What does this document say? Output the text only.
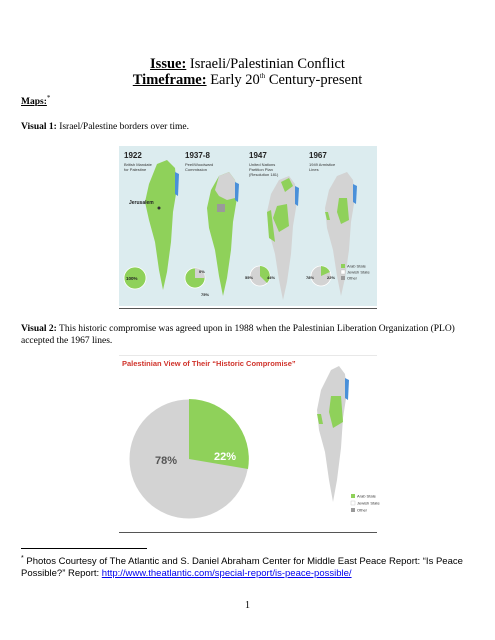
Issue: Israeli/Palestinian Conflict
Timeframe: Early 20th Century-present
Maps:*
Visual 1: Israel/Palestine borders over time.
1922
British Mandate
for Palestine
Jerusalem
100%
1937-8
Peel/Woodward
Commission
0%
75%
1947
United Nations
Partition Plan
(Resolution 181)
55%	44%
1967
1949 Armistice
Lines
78%	22%
Arab State
Jewish State
Other
Visual 2: This historic compromise was agreed upon in 1988 when the Palestinian Liberation Organization (PLO) accepted the 1967 lines.
Palestinian View of Their “Historic Compromise”
78%	22%
Arab State
Jewish State
Other
* Photos Courtesy of The Atlantic and S. Daniel Abraham Center for Middle East Peace Report: “Is Peace Possible?” Report: http://www.theatlantic.com/special-report/is-peace-possible/
1
